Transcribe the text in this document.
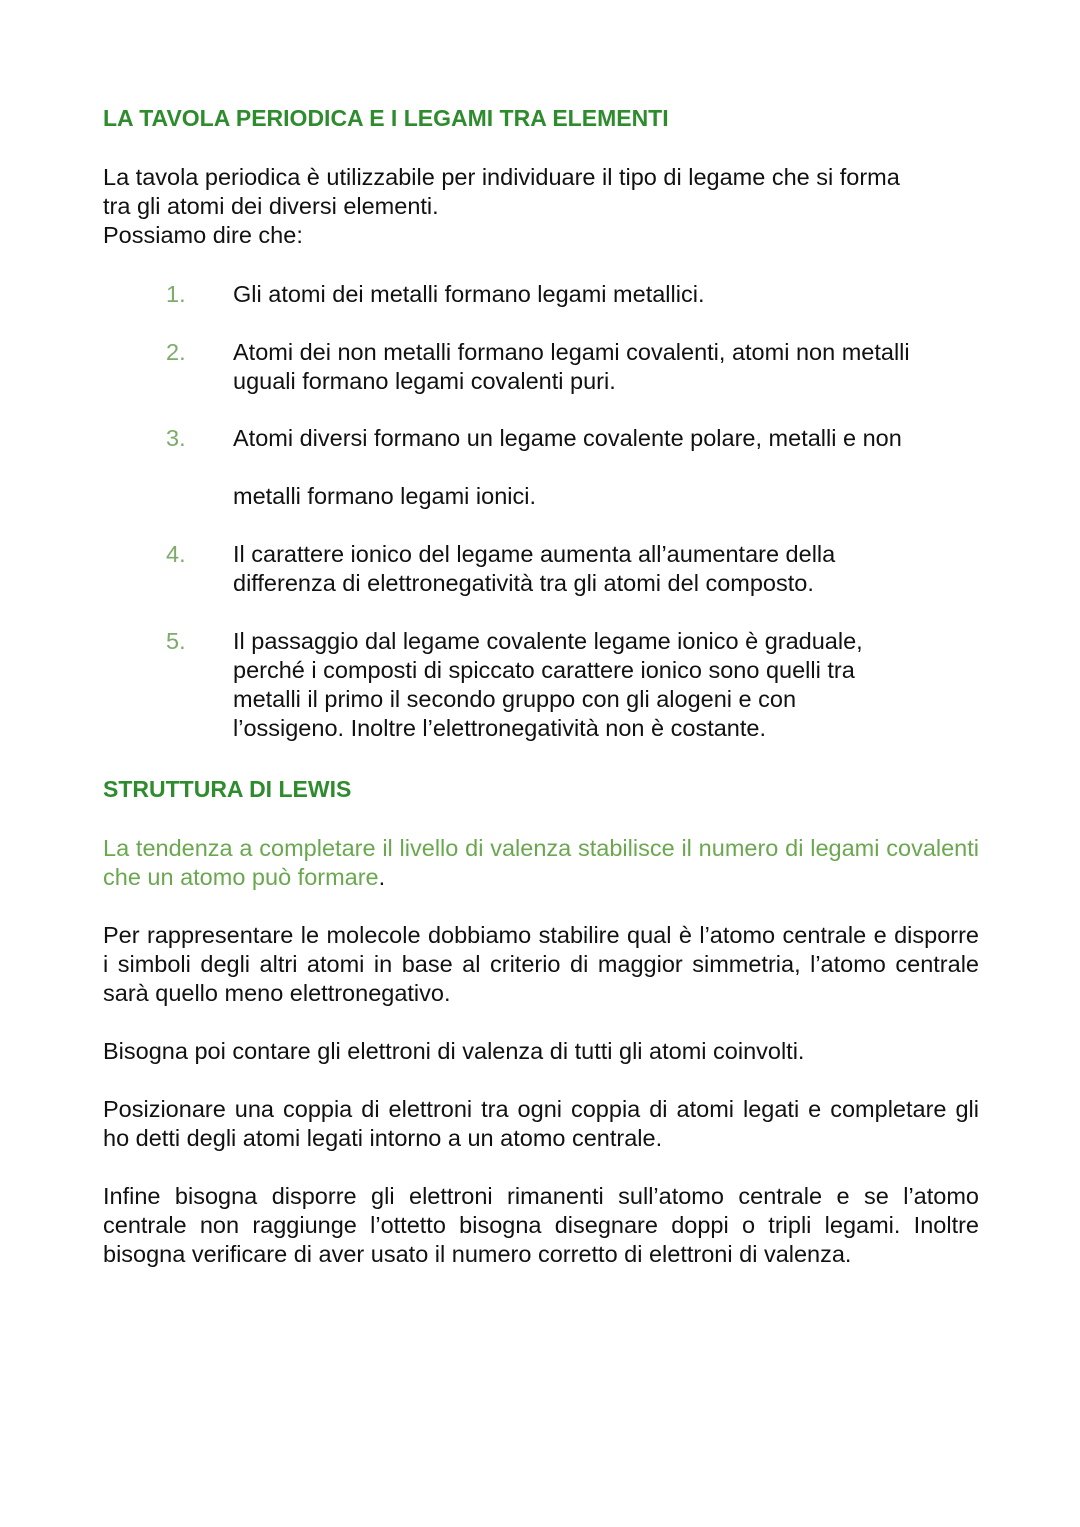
LA TAVOLA PERIODICA E I LEGAMI TRA ELEMENTI
La tavola periodica è utilizzabile per individuare il tipo di legame che si forma
tra gli atomi dei diversi elementi.
Possiamo dire che:
1. Gli atomi dei metalli formano legami metallici.
2. Atomi dei non metalli formano legami covalenti, atomi non metalli
uguali formano legami covalenti puri.
3. Atomi diversi formano un legame covalente polare, metalli e non
metalli formano legami ionici.
4. Il carattere ionico del legame aumenta all’aumentare della
differenza di elettronegatività tra gli atomi del composto.
5. Il passaggio dal legame covalente legame ionico è graduale,
perché i composti di spiccato carattere ionico sono quelli tra
metalli il primo il secondo gruppo con gli alogeni e con
l’ossigeno. Inoltre l’elettronegatività non è costante.
STRUTTURA DI LEWIS

La tendenza a completare il livello di valenza stabilisce il numero di legami covalenti che un atomo può formare.

Per rappresentare le molecole dobbiamo stabilire qual è l’atomo centrale e disporre i simboli degli altri atomi in base al criterio di maggior simmetria, l’atomo centrale sarà quello meno elettronegativo.

Bisogna poi contare gli elettroni di valenza di tutti gli atomi coinvolti.

Posizionare una coppia di elettroni tra ogni coppia di atomi legati e completare gli ho detti degli atomi legati intorno a un atomo centrale.

Infine bisogna disporre gli elettroni rimanenti sull’atomo centrale e se l’atomo centrale non raggiunge l’ottetto bisogna disegnare doppi o tripli legami. Inoltre bisogna verificare di aver usato il numero corretto di elettroni di valenza.
